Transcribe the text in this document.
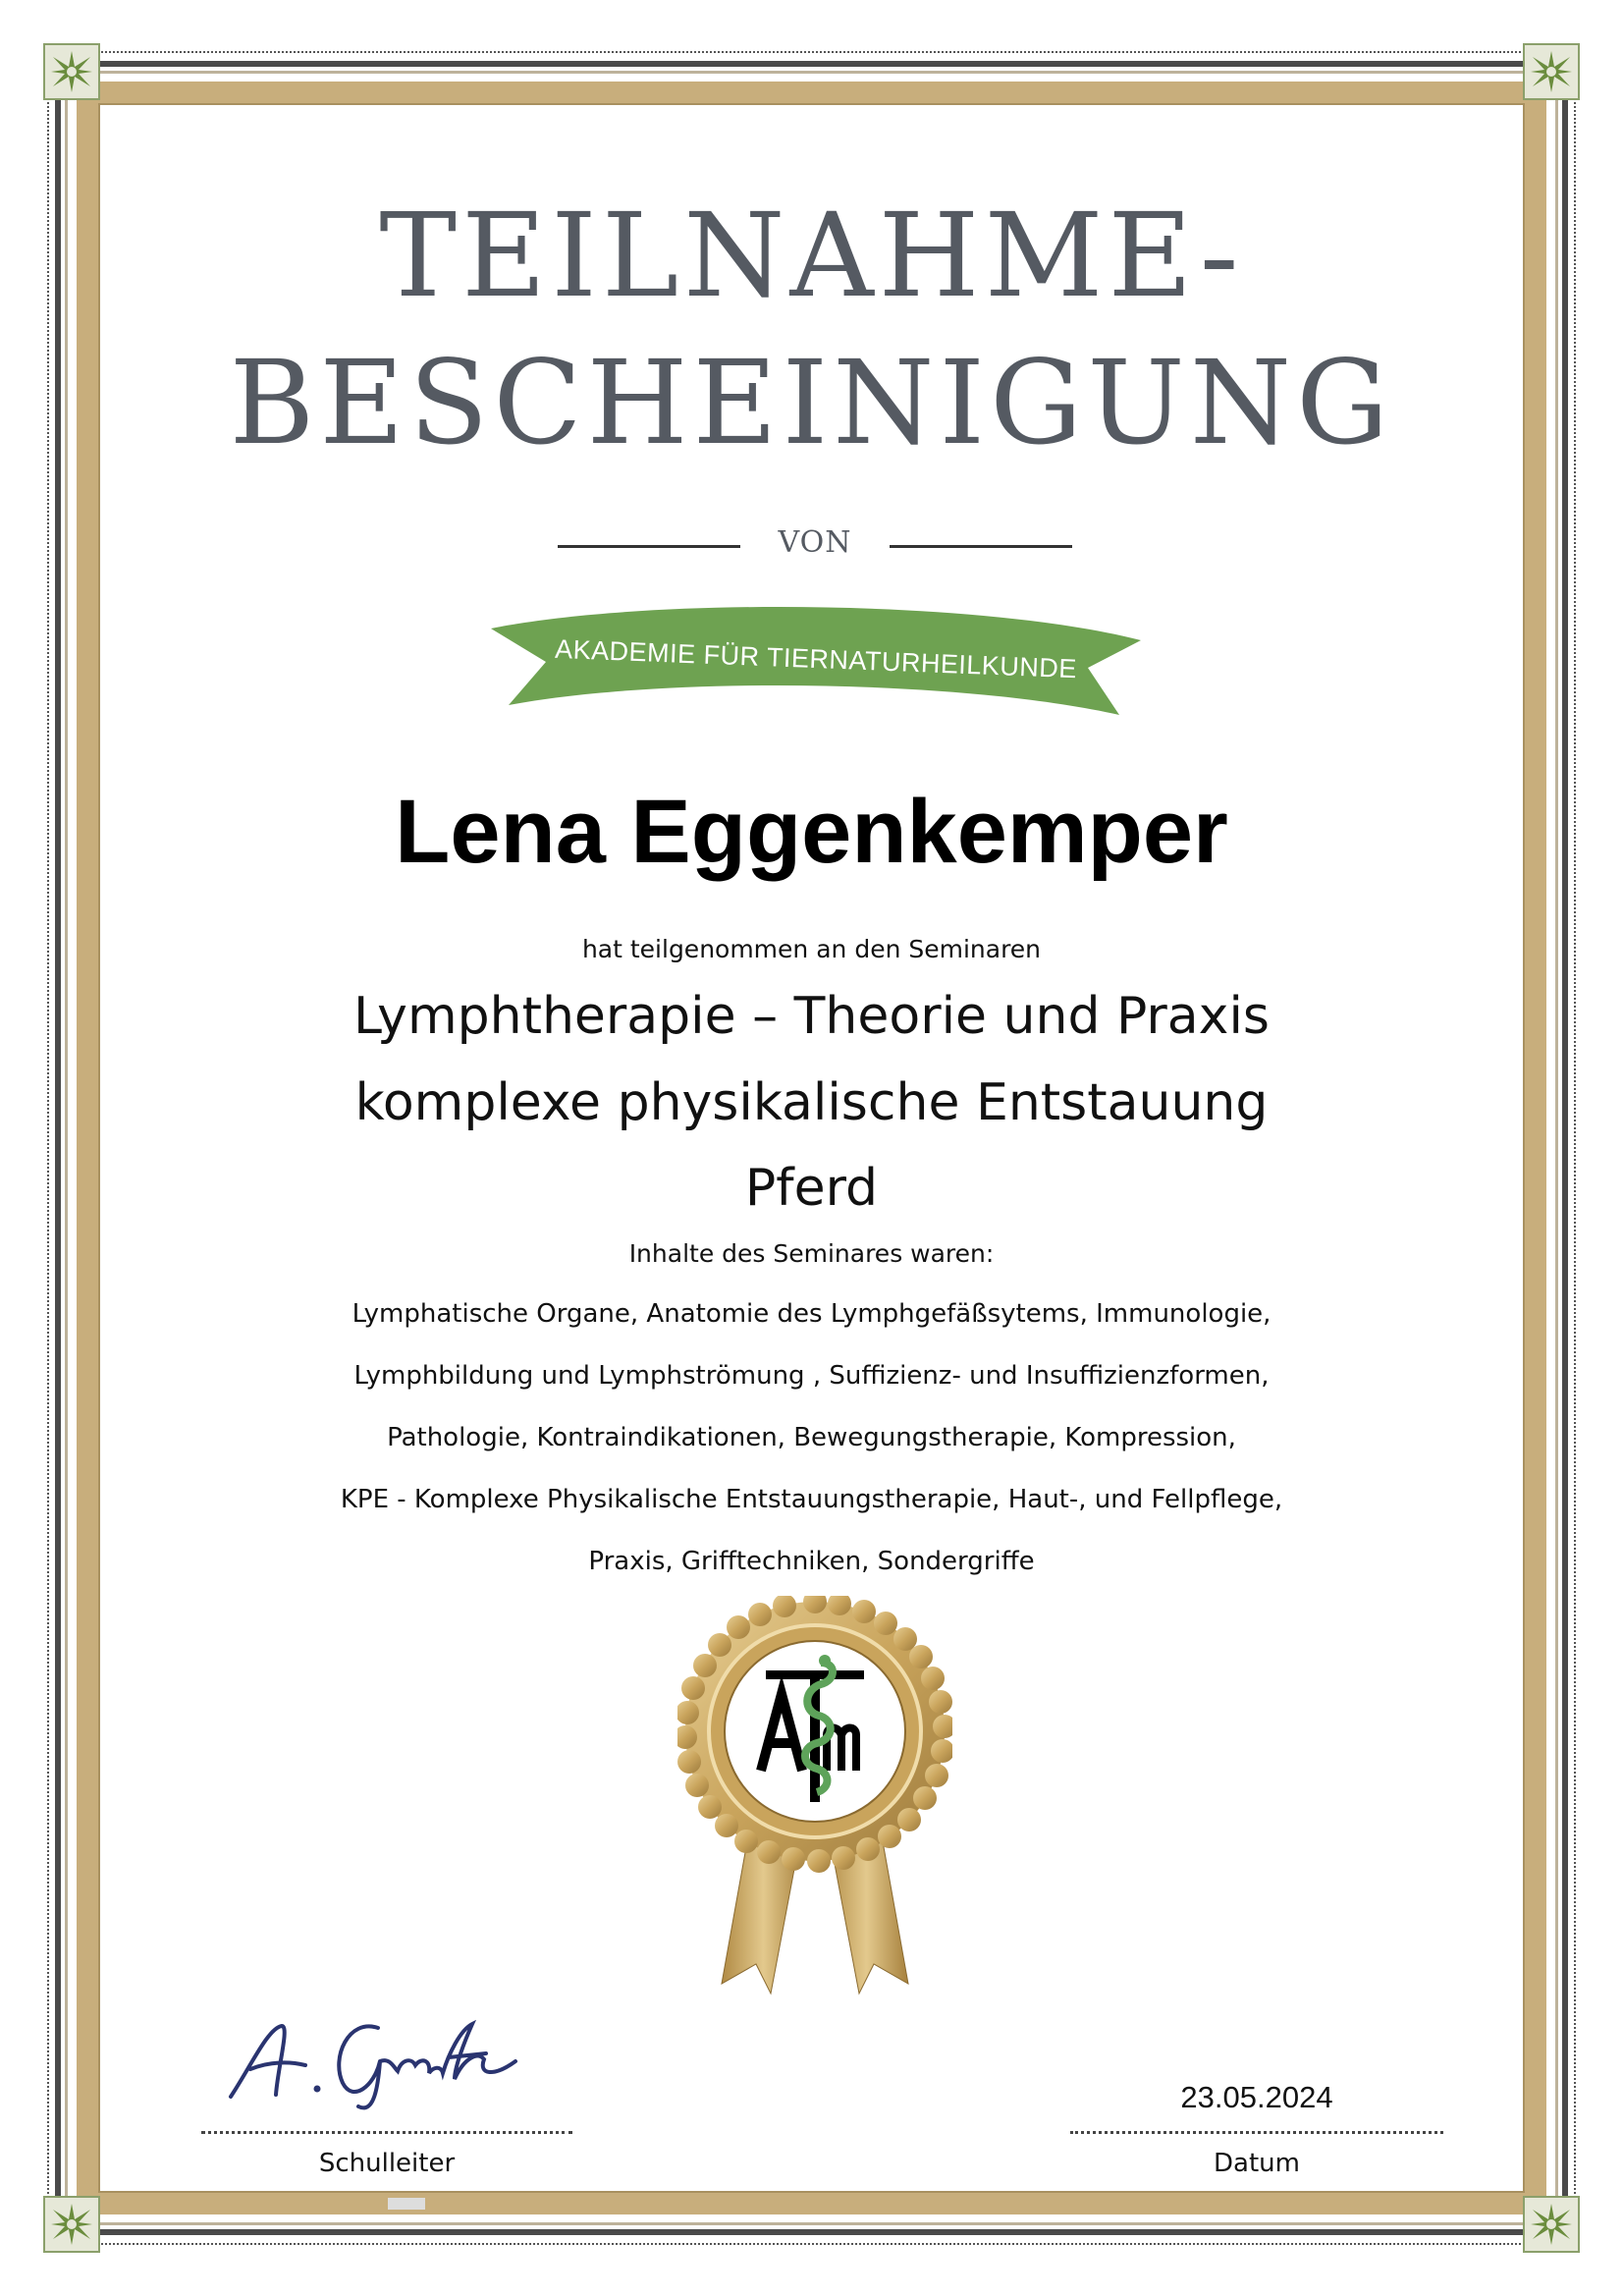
TEILNAHME-
BESCHEINIGUNG
VON
AKADEMIE FÜR TIERNATURHEILKUNDE
Lena Eggenkemper
hat teilgenommen an den Seminaren
Lymphtherapie – Theorie und Praxis
komplexe physikalische Entstauung
Pferd
Inhalte des Seminares waren:
Lymphatische Organe, Anatomie des Lymphgefäßsytems, Immunologie,
Lymphbildung und Lymphströmung , Suffizienz- und Insuffizienzformen,
Pathologie, Kontraindikationen, Bewegungstherapie, Kompression,
KPE - Komplexe Physikalische Entstauungstherapie, Haut-, und Fellpflege,
Praxis, Grifftechniken, Sondergriffe
Schulleiter
23.05.2024
Datum
